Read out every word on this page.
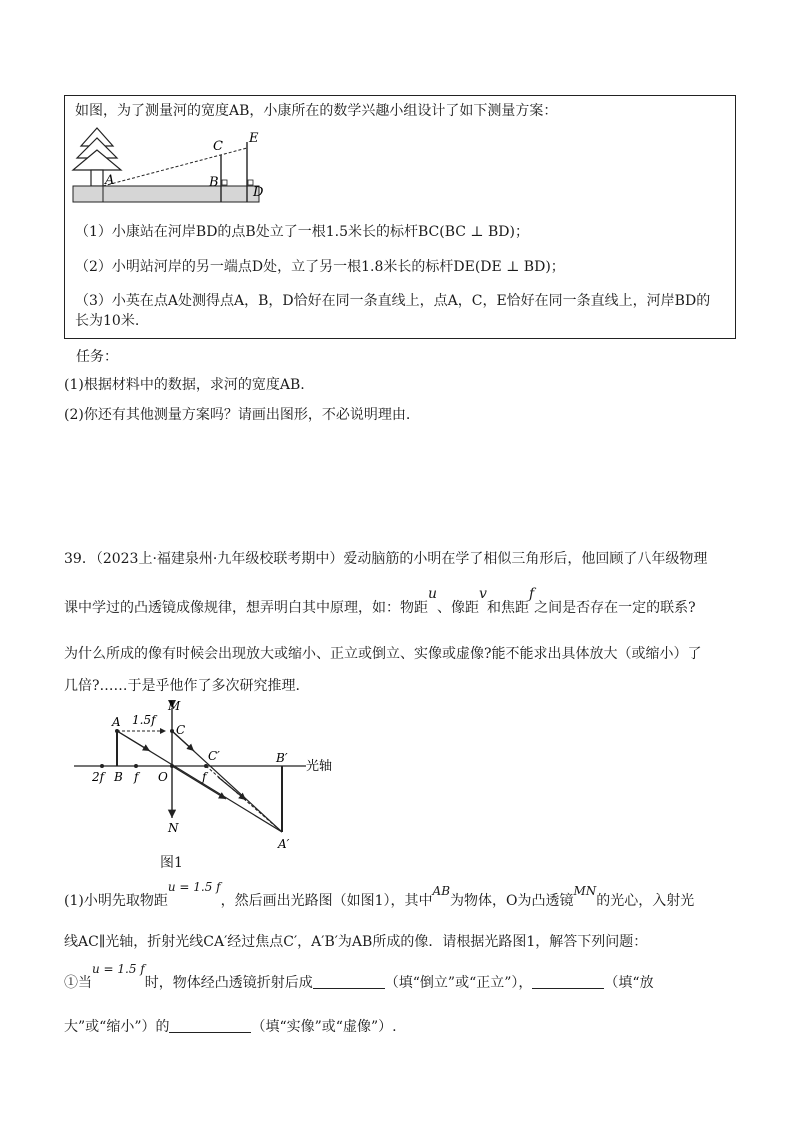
如图，为了测量河的宽度AB，小康所在的数学兴趣小组设计了如下测量方案：
A	B
C
D
E
（1）小康站在河岸BD的点B处立了一根1.5米长的标杆BC(BC ⊥ BD)；
（2）小明站河岸的另一端点D处，立了另一根1.8米长的标杆DE(DE ⊥ BD)；
（3）小英在点A处测得点A，B，D恰好在同一条直线上，点A，C，E恰好在同一条直线上，河岸BD的
长为10米.
任务：
(1)根据材料中的数据，求河的宽度AB.
(2)你还有其他测量方案吗？请画出图形，不必说明理由.
39．（2023上·福建泉州·九年级校联考期中）爱动脑筋的小明在学了相似三角形后，他回顾了八年级物理
课中学过的凸透镜成像规律，想弄明白其中原理，如：物距u、像距v和焦距f之间是否存在一定的联系?
为什么所成的像有时候会出现放大或缩小、正立或倒立、实像或虚像?能不能求出具体放大（或缩小）了
几倍?……于是乎他作了多次研究推理.
M
N
A 1.5f
C
C′	B′
光轴
2f B f O	f
A′
图1
(1)小明先取物距u = 1.5 f，然后画出光路图（如图1），其中AB为物体，O为凸透镜MN的光心，入射光
线AC∥光轴，折射光线CA′经过焦点C′，A′B′为AB所成的像．请根据光路图1，解答下列问题：
①当u = 1.5 f时，物体经凸透镜折射后成	（填“倒立”或“正立”），	（填“放
大”或“缩小”）的	（填“实像”或“虚像”）.
